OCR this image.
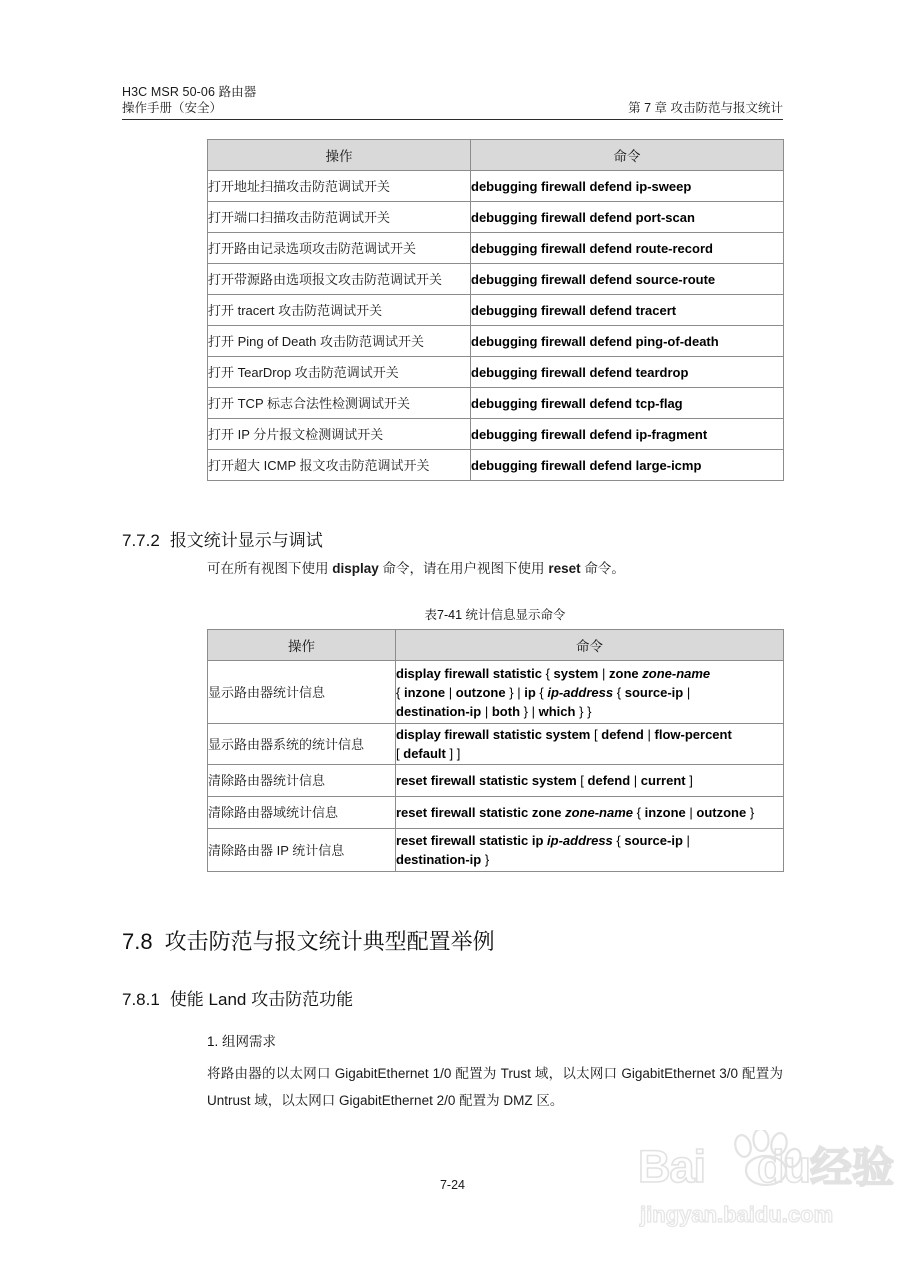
H3C MSR 50-06 路由器
操作手册（安全）	第 7 章 攻击防范与报文统计
操作	命令
打开地址扫描攻击防范调试开关	debugging firewall defend ip-sweep
打开端口扫描攻击防范调试开关	debugging firewall defend port-scan
打开路由记录选项攻击防范调试开关	debugging firewall defend route-record
打开带源路由选项报文攻击防范调试开关	debugging firewall defend source-route
打开 tracert 攻击防范调试开关	debugging firewall defend tracert
打开 Ping of Death 攻击防范调试开关	debugging firewall defend ping-of-death
打开 TearDrop 攻击防范调试开关	debugging firewall defend teardrop
打开 TCP 标志合法性检测调试开关	debugging firewall defend tcp-flag
打开 IP 分片报文检测调试开关	debugging firewall defend ip-fragment
打开超大 ICMP 报文攻击防范调试开关	debugging firewall defend large-icmp
7.7.2 报文统计显示与调试
可在所有视图下使用 display 命令，请在用户视图下使用 reset 命令。
表7-41 统计信息显示命令
操作	命令
显示路由器统计信息	display firewall statistic { system | zone zone-name
{ inzone | outzone } | ip { ip-address { source-ip |
destination-ip | both } | which } }
显示路由器系统的统计信息	display firewall statistic system [ defend | flow-percent
[ default ] ]
清除路由器统计信息	reset firewall statistic system [ defend | current ]
清除路由器域统计信息	reset firewall statistic zone zone-name { inzone | outzone }
清除路由器 IP 统计信息	reset firewall statistic ip ip-address { source-ip |
destination-ip }
7.8 攻击防范与报文统计典型配置举例
7.8.1 使能 Land 攻击防范功能
1. 组网需求
将路由器的以太网口 GigabitEthernet 1/0 配置为 Trust 域，以太网口 GigabitEthernet 3/0 配置为 Untrust 域，以太网口 GigabitEthernet 2/0 配置为 DMZ 区。
7-24	Bai du经验
jingyan.baidu.com
